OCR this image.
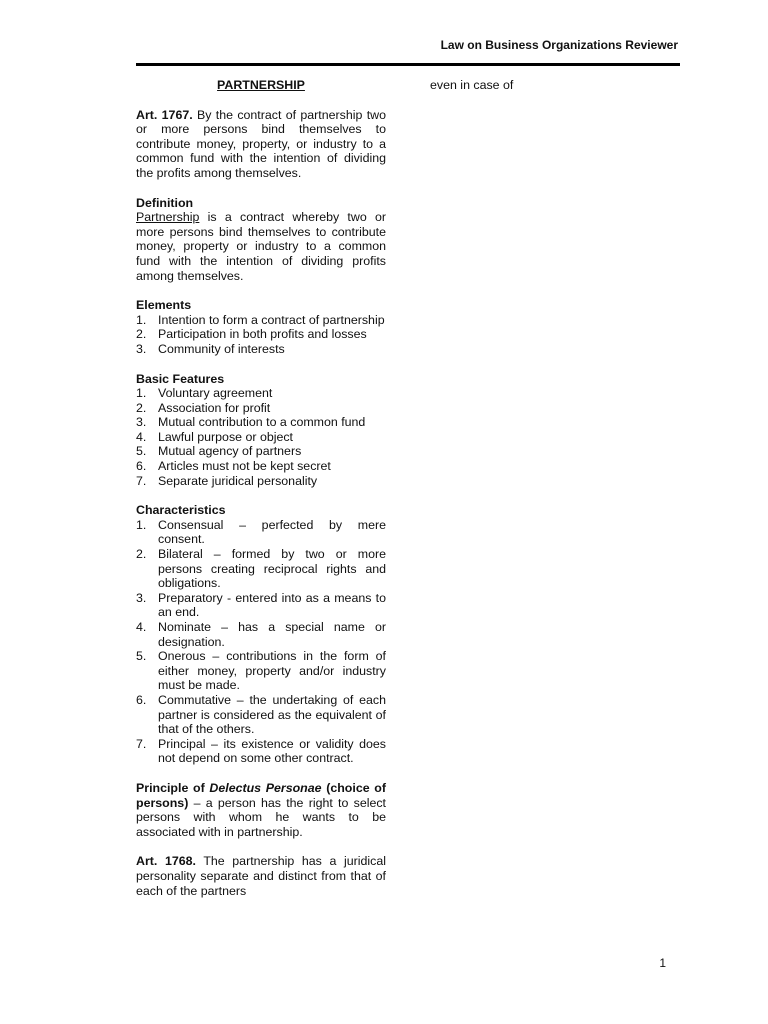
Law on Business Organizations Reviewer
PARTNERSHIP
Art. 1767. By the contract of partnership two or more persons bind themselves to contribute money, property, or industry to a common fund with the intention of dividing the profits among themselves.
Definition
Partnership is a contract whereby two or more persons bind themselves to contribute money, property or industry to a common fund with the intention of dividing profits among themselves.
Elements
1. Intention to form a contract of partnership
2. Participation in both profits and losses
3. Community of interests
Basic Features
1. Voluntary agreement
2. Association for profit
3. Mutual contribution to a common fund
4. Lawful purpose or object
5. Mutual agency of partners
6. Articles must not be kept secret
7. Separate juridical personality
Characteristics
1. Consensual – perfected by mere consent.
2. Bilateral – formed by two or more persons creating reciprocal rights and obligations.
3. Preparatory - entered into as a means to an end.
4. Nominate – has a special name or designation.
5. Onerous – contributions in the form of either money, property and/or industry must be made.
6. Commutative – the undertaking of each partner is considered as the equivalent of that of the others.
7. Principal – its existence or validity does not depend on some other contract.
Principle of Delectus Personae (choice of persons) – a person has the right to select persons with whom he wants to be associated with in partnership.
Art. 1768. The partnership has a juridical personality separate and distinct from that of each of the partners
even in case of
1
